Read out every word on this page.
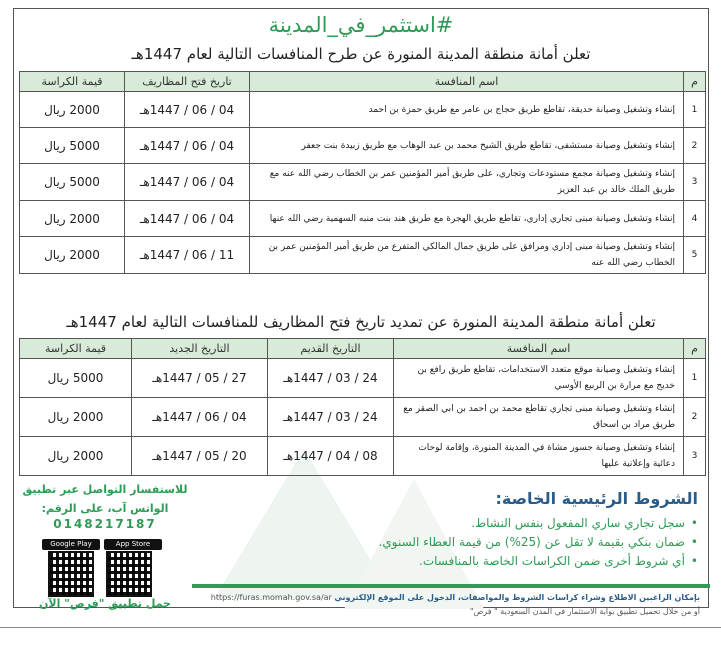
#استثمر_في_المدينة
تعلن أمانة منطقة المدينة المنورة عن طرح المنافسات التالية لعام 1447هـ
م	اسم المنافسة	تاريخ فتح المظاريف	قيمة الكراسة
1	إنشاء وتشغيل وصيانة حديقة، تقاطع طريق حجاج بن عامر مع طريق حمزة بن احمد	04 / 06 / 1447هـ	2000 ريال
2	إنشاء وتشغيل وصيانة مستشفى، تقاطع طريق الشيخ محمد بن عبد الوهاب مع طريق زبيدة بنت جعفر	04 / 06 / 1447هـ	5000 ريال
3	إنشاء وتشغيل وصيانة مجمع مستودعات وتجاري، على طريق أمير المؤمنين عمر بن الخطاب رضي الله عنه مع طريق الملك خالد بن عبد العزيز	04 / 06 / 1447هـ	5000 ريال
4	إنشاء وتشغيل وصيانة مبنى تجاري إداري، تقاطع طريق الهجرة مع طريق هند بنت منبه السهمية رضي الله عنها	04 / 06 / 1447هـ	2000 ريال
5	إنشاء وتشغيل وصيانة مبنى إداري ومرافق على طريق جمال المالكي المتفرع من طريق أمير المؤمنين عمر بن الخطاب رضي الله عنه	11 / 06 / 1447هـ	2000 ريال
تعلن أمانة منطقة المدينة المنورة عن تمديد تاريخ فتح المظاريف للمنافسات التالية لعام 1447هـ
م	اسم المنافسة	التاريخ القديم	التاريخ الجديد	قيمة الكراسة
1	إنشاء وتشغيل وصيانة موقع متعدد الاستخدامات، تقاطع طريق رافع بن خديج مع مرارة بن الربيع الأوسي	24 / 03 / 1447هـ	27 / 05 / 1447هـ	5000 ريال
2	إنشاء وتشغيل وصيانة مبنى تجاري تقاطع محمد بن احمد بن ابي الصقر مع طريق مراد بن اسحاق	24 / 03 / 1447هـ	04 / 06 / 1447هـ	2000 ريال
3	إنشاء وتشغيل وصيانة جسور مشاة في المدينة المنورة، وإقامة لوحات دعائية وإعلانية عليها	08 / 04 / 1447هـ	20 / 05 / 1447هـ	2000 ريال
للاستفسار التواصل عبر تطبيق
الواتس آب، على الرقم:
0148217187
Google Play	App Store
حمل تطبيق "فرص" الآن
الشروط الرئيسية الخاصة:
• سجل تجاري ساري المفعول بنفس النشاط.
• ضمان بنكي بقيمة لا تقل عن (25%) من قيمة العطاء السنوي.
• أي شروط أخرى ضمن الكراسات الخاصة بالمنافسات.
بإمكان الراغبين الاطلاع وشراء كراسات الشروط والمواصفات، الدخول على الموقع الإلكتروني https://furas.momah.gov.sa/ar
أو من خلال تحميل تطبيق بوابة الاستثمار في المدن السعودية " فرص"
